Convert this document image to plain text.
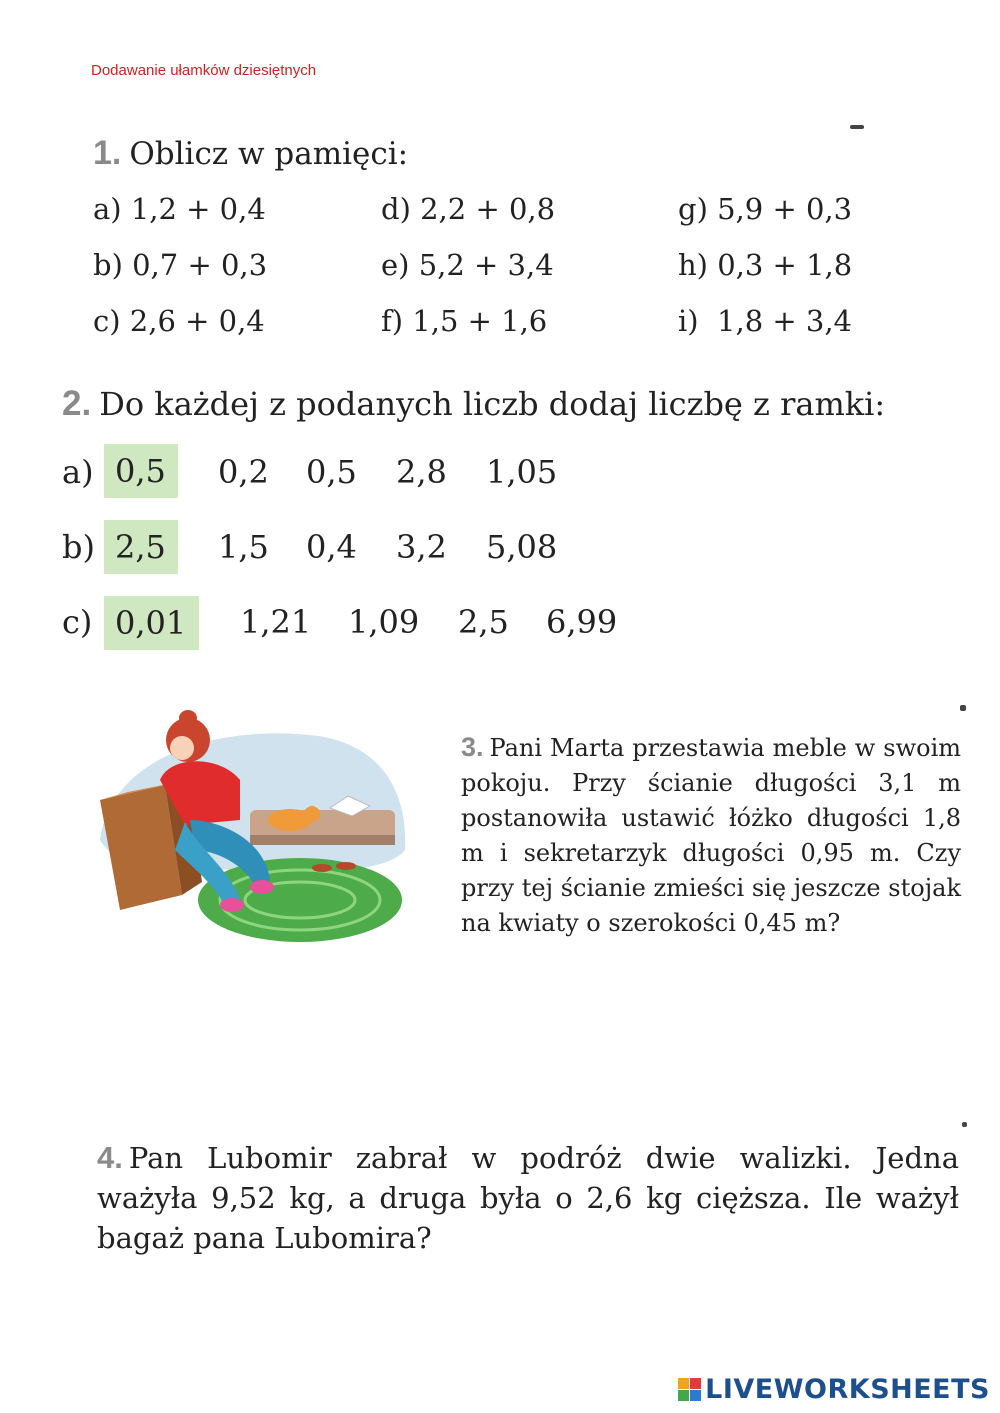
Dodawanie ułamków dziesiętnych
1. Oblicz w pamięci:
a) 1,2 + 0,4
b) 0,7 + 0,3
c) 2,6 + 0,4
d) 2,2 + 0,8
e) 5,2 + 3,4
f) 1,5 + 1,6
g) 5,9 + 0,3
h) 0,3 + 1,8
i) 1,8 + 3,4
2. Do każdej z podanych liczb dodaj liczbę z ramki:
a) 0,5	0,2 0,5 2,8 1,05
b) 2,5	1,5 0,4 3,2 5,08
c) 0,01	1,21 1,09 2,5 6,99
3. Pani Marta przestawia meble w swoim pokoju. Przy ścianie długości 3,1 m postanowiła ustawić łóżko długości 1,8 m i sekretarzyk długości 0,95 m. Czy przy tej ścianie zmieści się jeszcze stojak na kwiaty o szerokości 0,45 m?
4. Pan Lubomir zabrał w podróż dwie walizki. Jedna ważyła 9,52 kg, a druga była o 2,6 kg cięższa. Ile ważył bagaż pana Lubomira?
LIVEWORKSHEETS
